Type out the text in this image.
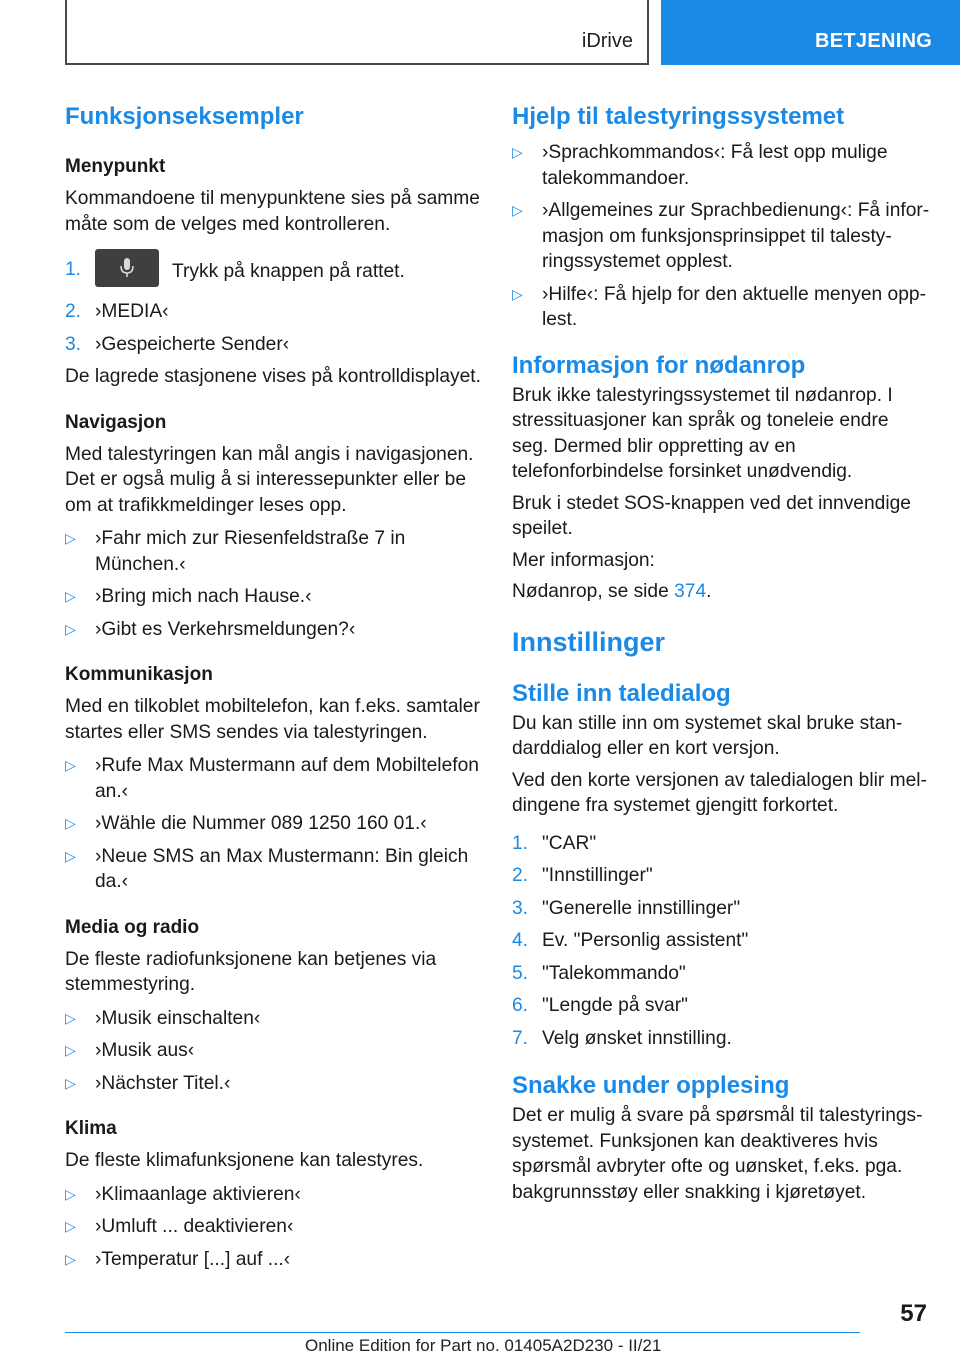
iDrive	BETJENING
Funksjonseksempler
Menypunkt
Kommandoene til menypunktene sies på samme måte som de velges med kontrolleren.
1.	Trykk på knappen på rattet.
2. ›MEDIA‹
3. ›Gespeicherte Sender‹
De lagrede stasjonene vises på kontrolldisplayet.
Navigasjon
Med talestyringen kan mål angis i navigasjonen. Det er også mulig å si interessepunkter eller be om at trafikkmeldinger leses opp.
▷ ›Fahr mich zur Riesenfeldstraße 7 in München.‹
▷ ›Bring mich nach Hause.‹
▷ ›Gibt es Verkehrsmeldungen?‹
Kommunikasjon
Med en tilkoblet mobiltelefon, kan f.eks. samtaler startes eller SMS sendes via talestyringen.
▷ ›Rufe Max Mustermann auf dem Mobiltelefon an.‹
▷ ›Wähle die Nummer 089 1250 160 01.‹
▷ ›Neue SMS an Max Mustermann: Bin gleich da.‹
Media og radio
De fleste radiofunksjonene kan betjenes via stemmestyring.
▷ ›Musik einschalten‹
▷ ›Musik aus‹
▷ ›Nächster Titel.‹
Klima
De fleste klimafunksjonene kan talestyres.
▷ ›Klimaanlage aktivieren‹
▷ ›Umluft ... deaktivieren‹
▷ ›Temperatur [...] auf ...‹
Hjelp til talestyringssystemet
▷ ›Sprachkommandos‹: Få lest opp mulige talekommandoer.
▷ ›Allgemeines zur Sprachbedienung‹: Få informasjon om funksjonsprinsippet til talestyringssystemet opplest.
▷ ›Hilfe‹: Få hjelp for den aktuelle menyen opplest.
Informasjon for nødanrop
Bruk ikke talestyringssystemet til nødanrop. I stressituasjoner kan språk og toneleie endre seg. Dermed blir oppretting av en telefonforbindelse forsinket unødvendig.
Bruk i stedet SOS-knappen ved det innvendige speilet.
Mer informasjon:
Nødanrop, se side 374.
Innstillinger
Stille inn taledialog
Du kan stille inn om systemet skal bruke standarddialog eller en kort versjon.
Ved den korte versjonen av taledialogen blir meldingene fra systemet gjengitt forkortet.
1. "CAR"
2. "Innstillinger"
3. "Generelle innstillinger"
4. Ev. "Personlig assistent"
5. "Talekommando"
6. "Lengde på svar"
7. Velg ønsket innstilling.
Snakke under opplesing
Det er mulig å svare på spørsmål til talestyringssystemet. Funksjonen kan deaktiveres hvis spørsmål avbryter ofte og uønsket, f.eks. pga. bakgrunnsstøy eller snakking i kjøretøyet.
57
Online Edition for Part no. 01405A2D230 - II/21
